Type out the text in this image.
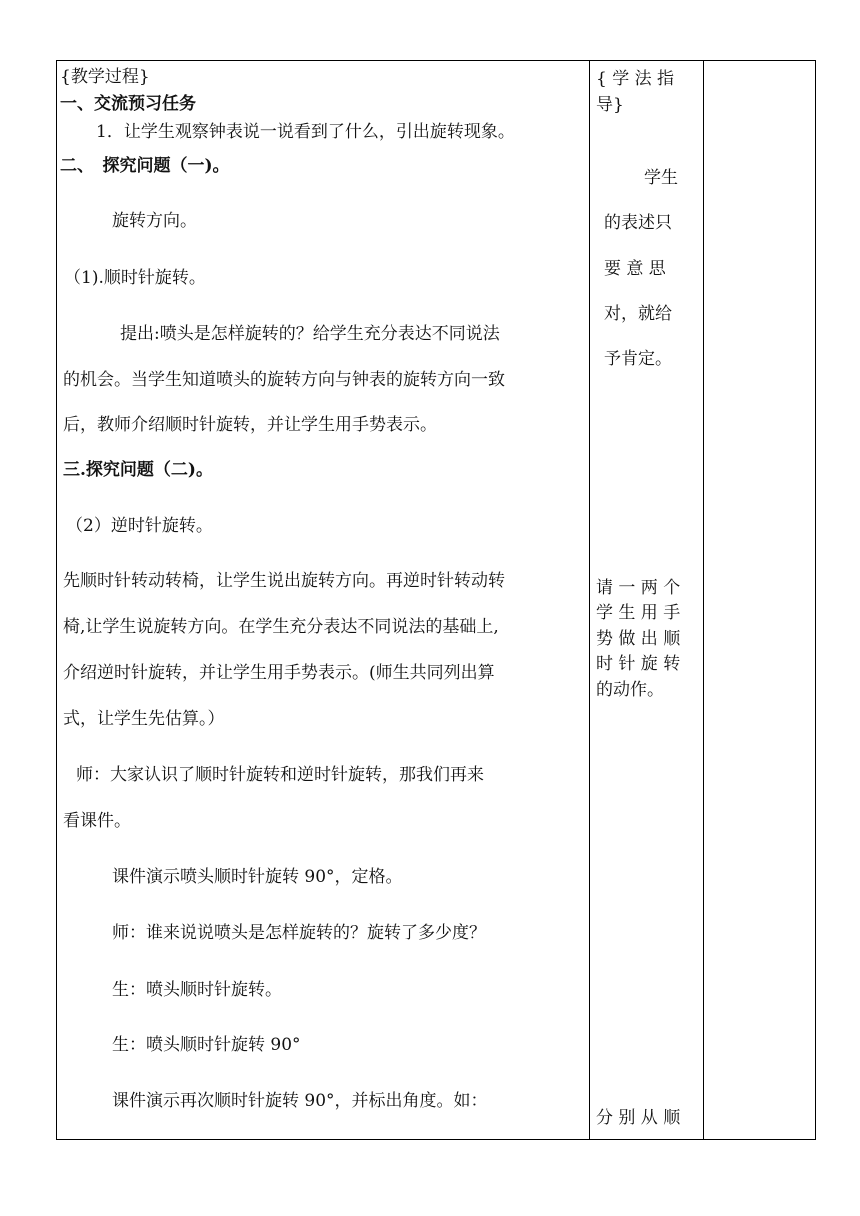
{教学过程}
一、交流预习任务
1．让学生观察钟表说一说看到了什么，引出旋转现象。
二、　探究问题（一)。
旋转方向。
（1).顺时针旋转。
提出:喷头是怎样旋转的？给学生充分表达不同说法
的机会。当学生知道喷头的旋转方向与钟表的旋转方向一致
后，教师介绍顺时针旋转，并让学生用手势表示。
三.探究问题（二)。
（2）逆时针旋转。
先顺时针转动转椅，让学生说出旋转方向。再逆时针转动转
椅,让学生说旋转方向。在学生充分表达不同说法的基础上,
介绍逆时针旋转，并让学生用手势表示。(师生共同列出算
式，让学生先估算。）
师：大家认识了顺时针旋转和逆时针旋转，那我们再来
看课件。
课件演示喷头顺时针旋转 90°，定格。
师：谁来说说喷头是怎样旋转的？旋转了多少度？
生：喷头顺时针旋转。
生：喷头顺时针旋转 90°
课件演示再次顺时针旋转 90°，并标出角度。如：
{ 学 法 指
导}
学生
的表述只
要 意 思
对，就给
予肯定。
请 一 两 个
学 生 用 手
势 做 出 顺
时 针 旋 转
的动作。
分 别 从 顺
